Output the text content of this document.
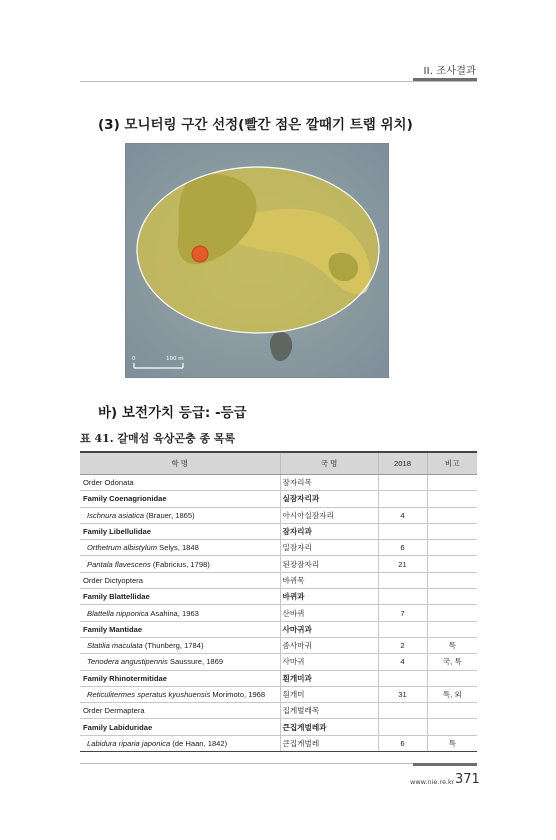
II. 조사결과
(3) 모니터링 구간 선정(빨간 점은 깔때기 트랩 위치)
0	100 m
바) 보전가치 등급: -등급
표 41. 갈매섬 육상곤충 종 목록
학 명	국 명	2018	비고
Order Odonata	잠자리목		
Family Coenagrionidae	실잠자리과		
Ischnura asiatica (Brauer, 1865)	아시아실잠자리	4	
Family Libellulidae	잠자리과		
Orthetrum albistylum Selys, 1848	밀잠자리	6	
Pantala flavescens (Fabricius, 1798)	된장잠자리	21	
Order Dictyoptera	바퀴목		
Family Blattellidae	바퀴과		
Blattella nipponica Asahina, 1963	산바퀴	7	
Family Mantidae	사마귀과		
Statilia maculata (Thunberg, 1784)	좀사마귀	2	특
Tenodera angustipennis Saussure, 1869	사마귀	4	국, 특
Family Rhinotermitidae	흰개미과		
Reticulitermes speratus kyushuensis Morimoto, 1968	흰개미	31	특, 외
Order Dermaptera	집게벌레목		
Family Labiduridae	큰집게벌레과		
Labidura riparia japonica (de Haan, 1842)	큰집게벌레	6	특
www.nie.re.kr 371
